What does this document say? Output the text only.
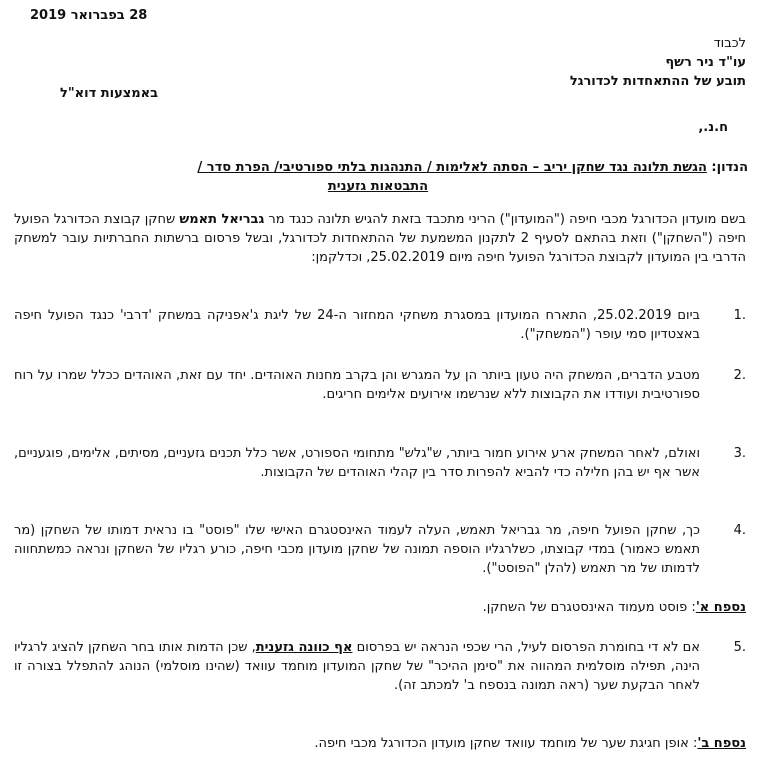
28 בפברואר 2019
לכבוד
עו"ד ניר רשף
תובע של ההתאחדות לכדורגל
באמצעות דוא"ל
ח.נ.,
הנדון: הגשת תלונה נגד שחקן יריב – הסתה לאלימות / התנהגות בלתי ספורטיבי/ הפרת סדר /
התבטאות גזענית
בשם מועדון הכדורגל מכבי חיפה ("המועדון") הריני מתכבד בזאת להגיש תלונה כנגד מר גבריאל תאמש שחקן קבוצת הכדורגל הפועל חיפה ("השחקן") וזאת בהתאם לסעיף 2 לתקנון המשמעת של ההתאחדות לכדורגל, ובשל פרסום ברשתות החברתיות עובר למשחק הדרבי בין המועדון לקבוצת הכדורגל הפועל חיפה מיום 25.02.2019, וכדלקמן:
.1
ביום 25.02.2019, התארח המועדון במסגרת משחקי המחזור ה-24 של ליגת ג'אפניקה במשחק 'דרבי' כנגד הפועל חיפה באצטדיון סמי עופר ("המשחק").
.2
מטבע הדברים, המשחק היה טעון ביותר הן על המגרש והן בקרב מחנות האוהדים. יחד עם זאת, האוהדים ככלל שמרו על רוח ספורטיבית ועודדו את הקבוצות ללא שנרשמו אירועים אלימים חריגים.
.3
ואולם, לאחר המשחק ארע אירוע חמור ביותר, ש"גלש" מתחומי הספורט, אשר כלל תכנים גזעניים, מסיתים, אלימים, פוגעניים, אשר אף יש בהן חלילה כדי להביא להפרות סדר בין קהלי האוהדים של הקבוצות.
.4
כך, שחקן הפועל חיפה, מר גבריאל תאמש, העלה לעמוד האינסטגרם האישי שלו "פוסט" בו נראית דמותו של השחקן (מר תאמש כאמור) במדי קבוצתו, כשלרגליו הוספה תמונה של שחקן מועדון מכבי חיפה, כורע רגליו של השחקן ונראה כמשתחווה לדמותו של מר תאמש (להלן "הפוסט").
נספח א': פוסט מעמוד האינסטגרם של השחקן.
.5
אם לא די בחומרת הפרסום לעיל, הרי שכפי הנראה יש בפרסום אף כוונה גזענית, שכן הדמות אותו בחר השחקן להציג לרגליו הינה, תפילה מוסלמית המהווה את "סימן ההיכר" של שחקן המועדון מוחמד עוואד (שהינו מוסלמי) הנוהג להתפלל בצורה זו לאחר הבקעת שער (ראה תמונה בנספח ב' למכתב זה).
נספח ב': אופן חגיגת שער של מוחמד עוואד שחקן מועדון הכדורגל מכבי חיפה.
